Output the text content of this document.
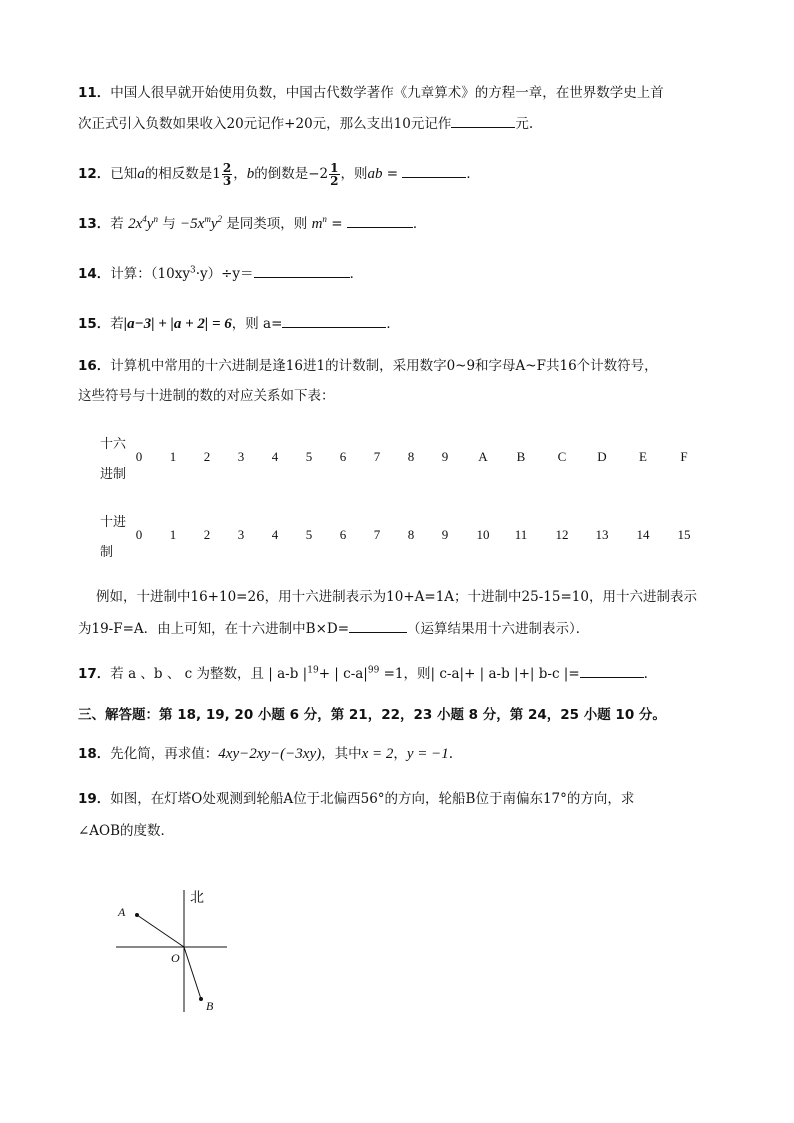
11．中国人很早就开始使用负数，中国古代数学著作《九章算术》的方程一章，在世界数学史上首
次正式引入负数如果收入20元记作+20元，那么支出10元记作	元.
12．已知a的相反数是$1 \frac{2}{3}$ ，b的倒数是$-2 \frac{1}{2}$ ，则ab =	．
13．若 $2x^4y^n$ 与 $-5x^my^2$ 是同类项，则 $m^n$ =	．
14．计算：$(10xy^3\cdot y)\div y=$	．
15．若|a−3| + |a + 2| = 6，则 a=	．
16．计算机中常用的十六进制是逢16进1的计数制，采用数字0~9和字母A~F共16个计数符号，
这些符号与十进制的数的对应关系如下表：
十六
进制
0	1	2	3	4	5	6	7	8	9	A	B	C	D	E	F
十进
制
0	1	2	3	4	5	6	7	8	9	10 11 12 13 14 15
例如，十进制中16+10=26，用十六进制表示为10+A=1A；十进制中25-15=10，用十六进制表示
为19-F=A．由上可知，在十六进制中B×D=	（运算结果用十六进制表示）．
17．若 a 、b 、 c 为整数，且 | a-b $|^{19}+$ | $c-a|^{99} =1$，则| c-a|+ | a-b |+| b-c |=	.
三、解答题：第 18, 19, 20 小题 6 分，第 21，22，23 小题 8 分，第 24，25 小题 10 分。
18．先化简，再求值：4xy−2xy−(−3xy)，其中x = 2，y = −1.
19．如图，在灯塔O处观测到轮船A位于北偏西56°的方向，轮船B位于南偏东17°的方向，求
∠AOB的度数．
北
A
O
B
